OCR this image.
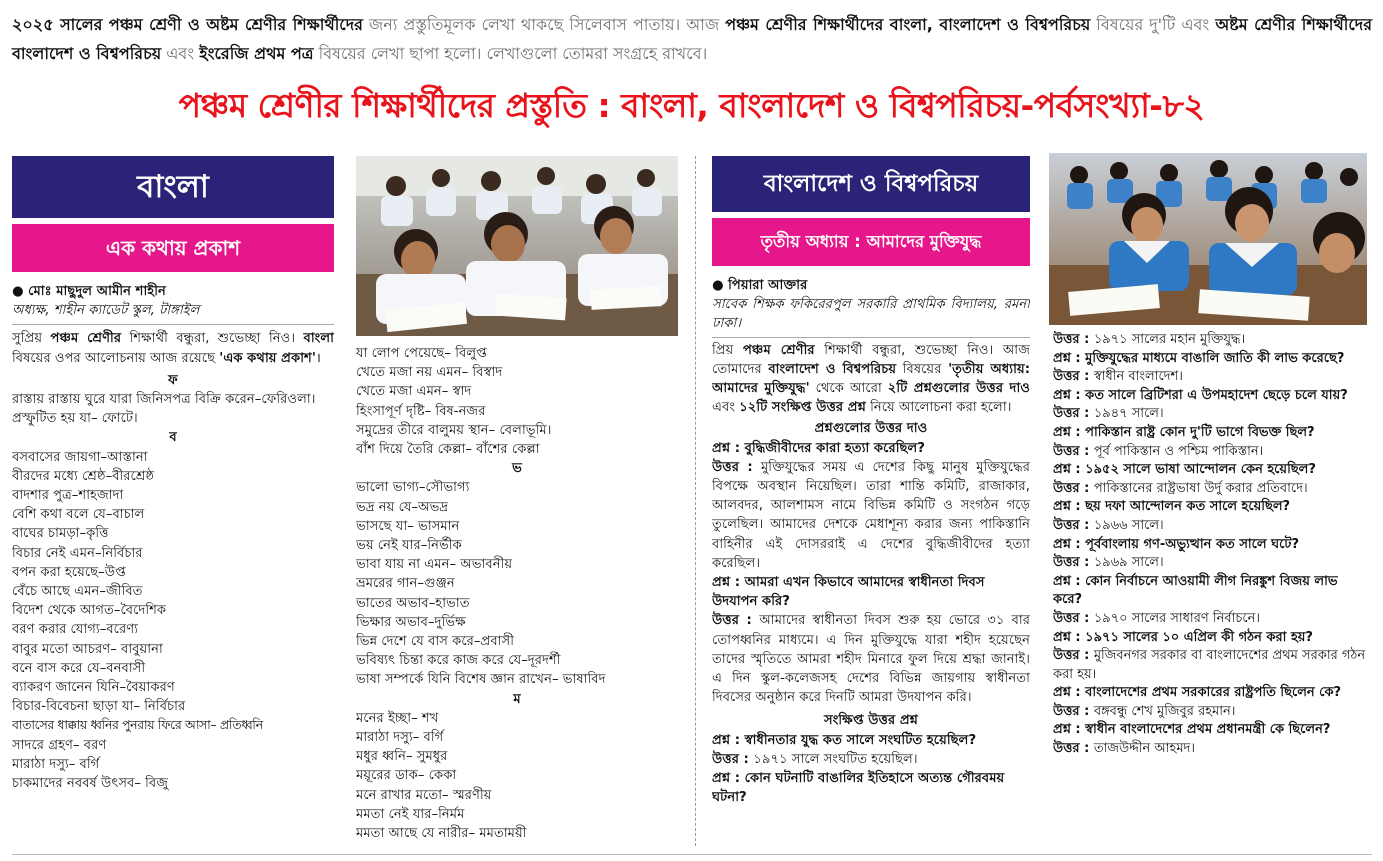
২০২৫ সালের পঞ্চম শ্রেণী ও অষ্টম শ্রেণীর শিক্ষার্থীদের জন্য প্রস্তুতিমূলক লেখা থাকছে সিলেবাস পাতায়। আজ পঞ্চম শ্রেণীর শিক্ষার্থীদের বাংলা, বাংলাদেশ ও বিশ্বপরিচয় বিষয়ের দু'টি এবং অষ্টম শ্রেণীর শিক্ষার্থীদের বাংলাদেশ ও বিশ্বপরিচয় এবং ইংরেজি প্রথম পত্র বিষয়ের লেখা ছাপা হলো। লেখাগুলো তোমরা সংগ্রহে রাখবে।
পঞ্চম শ্রেণীর শিক্ষার্থীদের প্রস্তুতি : বাংলা, বাংলাদেশ ও বিশ্বপরিচয়-পর্বসংখ্যা-৮২
বাংলা
এক কথায় প্রকাশ

● মোঃ মাছুদুল আমীন শাহীন

অধ্যক্ষ, শাহীন ক্যাডেট স্কুল, টাঙ্গাইল

সুপ্রিয় পঞ্চম শ্রেণীর শিক্ষার্থী বন্ধুরা, শুভেচ্ছা নিও। বাংলা বিষয়ের ওপর আলোচনায় আজ রয়েছে 'এক কথায় প্রকাশ'।

ফ

রাস্তায় রাস্তায় ঘুরে যারা জিনিসপত্র বিক্রি করেন–ফেরিওলা।

প্রস্ফুটিত হয় যা– ফোটে।

ব

বসবাসের জায়গা–আস্তানা

বীরদের মধ্যে শ্রেষ্ঠ–বীরশ্রেষ্ঠ

বাদশার পুত্র–শাহজাদা

বেশি কথা বলে যে–বাচাল

বাঘের চামড়া–কৃত্তি

বিচার নেই এমন–নির্বিচার

বপন করা হয়েছে–উপ্ত

বেঁচে আছে এমন–জীবিত

বিদেশ থেকে আগত–বৈদেশিক

বরণ করার যোগ্য–বরেণ্য

বাবুর মতো আচরণ– বাবুয়ানা

বনে বাস করে যে–বনবাসী

ব্যাকরণ জানেন যিনি–বৈয়াকরণ

বিচার-বিবেচনা ছাড়া যা– নির্বিচার

বাতাসের ধাক্কায় ধ্বনির পুনরায় ফিরে আসা– প্রতিধ্বনি

সাদরে গ্রহণ– বরণ

মারাঠা দস্যু– বর্গি

চাকমাদের নববর্ষ উৎসব– বিজু

যা লোপ পেয়েছে– বিলুপ্ত

খেতে মজা নয় এমন– বিস্বাদ

খেতে মজা এমন– স্বাদ

হিংসাপূর্ণ দৃষ্টি– বিষ-নজর

সমুদ্রের তীরে বালুময় স্থান– বেলাভূমি।

বাঁশ দিয়ে তৈরি কেল্লা– বাঁশের কেল্লা

ভ

ভালো ভাগ্য–সৌভাগ্য

ভদ্র নয় যে–অভদ্র

ভাসছে যা– ভাসমান

ভয় নেই যার–নির্ভীক

ভাবা যায় না এমন– অভাবনীয়

ভ্রমরের গান–গুঞ্জন

ভাতের অভাব–হাভাত

ভিক্ষার অভাব–দুর্ভিক্ষ

ভিন্ন দেশে যে বাস করে–প্রবাসী

ভবিষ্যৎ চিন্তা করে কাজ করে যে–দূরদর্শী

ভাষা সম্পর্কে যিনি বিশেষ জ্ঞান রাখেন– ভাষাবিদ

ম

মনের ইচ্ছা– শখ

মারাঠা দস্যু– বর্গি

মধুর ধ্বনি– সুমধুর

ময়ূরের ডাক– কেকা

মনে রাখার মতো– স্মরণীয়

মমতা নেই যার–নির্মম

মমতা আছে যে নারীর– মমতাময়ী

বাংলাদেশ ও বিশ্বপরিচয়
তৃতীয় অধ্যায় : আমাদের মুক্তিযুদ্ধ

● পিয়ারা আক্তার

সাবেক শিক্ষক ফকিরেরপুল সরকারি প্রাথমিক বিদ্যালয়, রমনা ঢাকা।

প্রিয় পঞ্চম শ্রেণীর শিক্ষার্থী বন্ধুরা, শুভেচ্ছা নিও। আজ তোমাদের বাংলাদেশ ও বিশ্বপরিচয় বিষয়ের 'তৃতীয় অধ্যায়: আমাদের মুক্তিযুদ্ধ' থেকে আরো ২টি প্রশ্নগুলোর উত্তর দাও এবং ১২টি সংক্ষিপ্ত উত্তর প্রশ্ন নিয়ে আলোচনা করা হলো।

প্রশ্নগুলোর উত্তর দাও

প্রশ্ন : বুদ্ধিজীবীদের কারা হত্যা করেছিল?

উত্তর : মুক্তিযুদ্ধের সময় এ দেশের কিছু মানুষ মুক্তিযুদ্ধের বিপক্ষে অবস্থান নিয়েছিল। তারা শান্তি কমিটি, রাজাকার, আলবদর, আলশামস নামে বিভিন্ন কমিটি ও সংগঠন গড়ে তুলেছিল। আমাদের দেশকে মেধাশূন্য করার জন্য পাকিস্তানি বাহিনীর এই দোসররাই এ দেশের বুদ্ধিজীবীদের হত্যা করেছিল।

প্রশ্ন : আমরা এখন কিভাবে আমাদের স্বাধীনতা দিবস উদযাপন করি?

উত্তর : আমাদের স্বাধীনতা দিবস শুরু হয় ভোরে ৩১ বার তোপধ্বনির মাধ্যমে। এ দিন মুক্তিযুদ্ধে যারা শহীদ হয়েছেন তাদের স্মৃতিতে আমরা শহীদ মিনারে ফুল দিয়ে শ্রদ্ধা জানাই। এ দিন স্কুল-কলেজসহ দেশের বিভিন্ন জায়গায় স্বাধীনতা দিবসের অনুষ্ঠান করে দিনটি আমরা উদযাপন করি।

সংক্ষিপ্ত উত্তর প্রশ্ন

প্রশ্ন : স্বাধীনতার যুদ্ধ কত সালে সংঘটিত হয়েছিল?

উত্তর : ১৯৭১ সালে সংঘটিত হয়েছিল।

প্রশ্ন : কোন ঘটনাটি বাঙালির ইতিহাসে অত্যন্ত গৌরবময় ঘটনা?

উত্তর : ১৯৭১ সালের মহান মুক্তিযুদ্ধ।

প্রশ্ন : মুক্তিযুদ্ধের মাধ্যমে বাঙালি জাতি কী লাভ করেছে?

উত্তর : স্বাধীন বাংলাদেশ।

প্রশ্ন : কত সালে ব্রিটিশরা এ উপমহাদেশ ছেড়ে চলে যায়?

উত্তর : ১৯৪৭ সালে।

প্রশ্ন : পাকিস্তান রাষ্ট্র কোন দু'টি ভাগে বিভক্ত ছিল?

উত্তর : পূর্ব পাকিস্তান ও পশ্চিম পাকিস্তান।

প্রশ্ন : ১৯৫২ সালে ভাষা আন্দোলন কেন হয়েছিল?

উত্তর : পাকিস্তানের রাষ্ট্রভাষা উর্দু করার প্রতিবাদে।

প্রশ্ন : ছয় দফা আন্দোলন কত সালে হয়েছিল?

উত্তর : ১৯৬৬ সালে।

প্রশ্ন : পূর্ববাংলায় গণ-অভ্যুত্থান কত সালে ঘটে?

উত্তর : ১৯৬৯ সালে।

প্রশ্ন : কোন নির্বাচনে আওয়ামী লীগ নিরঙ্কুশ বিজয় লাভ করে?

উত্তর : ১৯৭০ সালের সাধারণ নির্বাচনে।

প্রশ্ন : ১৯৭১ সালের ১০ এপ্রিল কী গঠন করা হয়?

উত্তর : মুজিবনগর সরকার বা বাংলাদেশের প্রথম সরকার গঠন করা হয়।

প্রশ্ন : বাংলাদেশের প্রথম সরকারের রাষ্ট্রপতি ছিলেন কে?

উত্তর : বঙ্গবন্ধু শেখ মুজিবুর রহমান।

প্রশ্ন : স্বাধীন বাংলাদেশের প্রথম প্রধানমন্ত্রী কে ছিলেন?

উত্তর : তাজউদ্দীন আহমদ।
